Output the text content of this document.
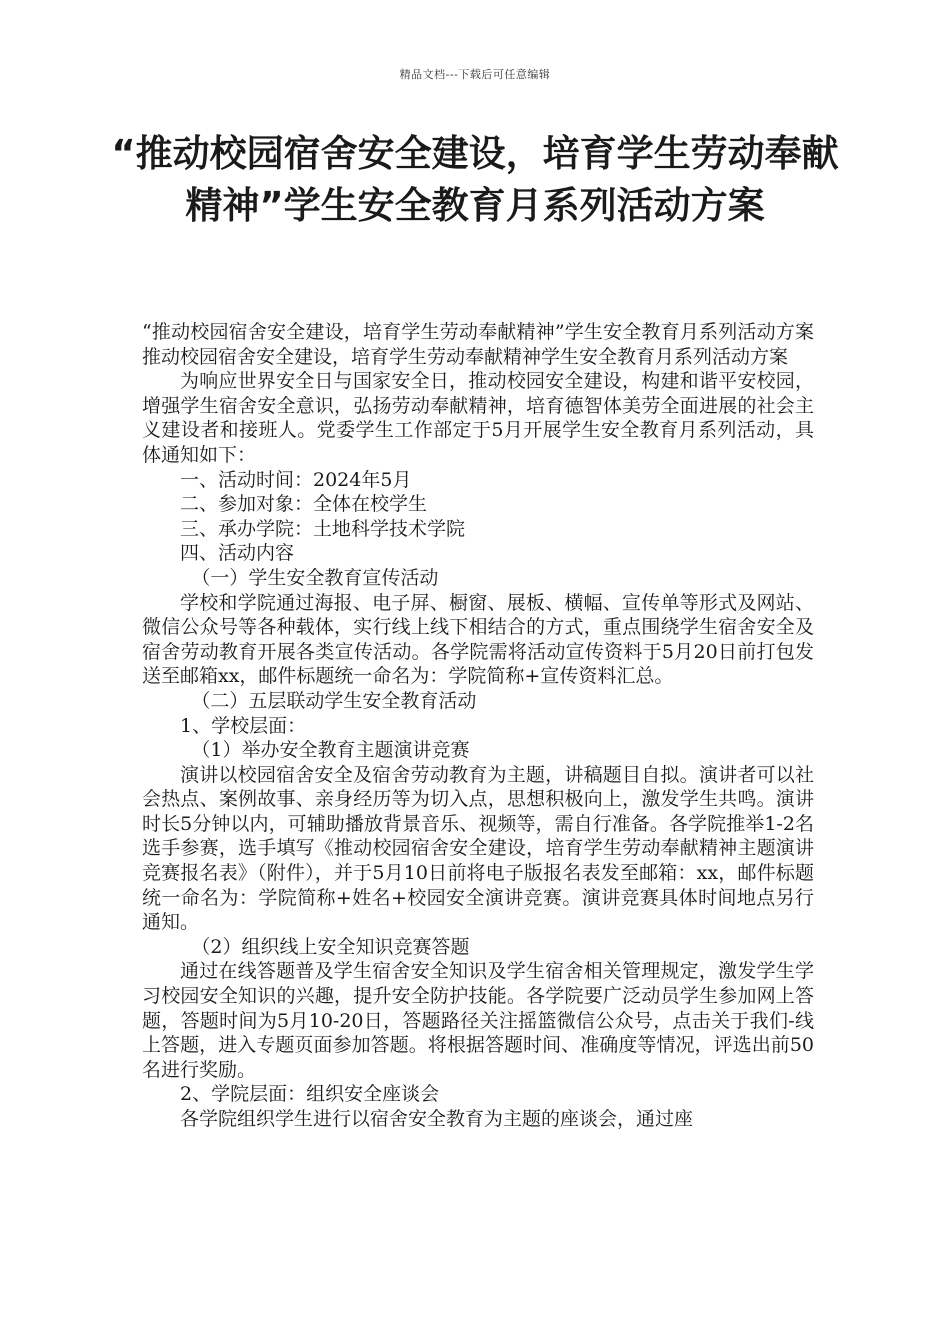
精品文档---下载后可任意编辑
“推动校园宿舍安全建设，培育学生劳动奉献精神”学生安全教育月系列活动方案

“推动校园宿舍安全建设，培育学生劳动奉献精神”学生安全教育月系列活动方案推动校园宿舍安全建设，培育学生劳动奉献精神学生安全教育月系列活动方案

为响应世界安全日与国家安全日，推动校园安全建设，构建和谐平安校园，增强学生宿舍安全意识，弘扬劳动奉献精神，培育德智体美劳全面进展的社会主义建设者和接班人。党委学生工作部定于5月开展学生安全教育月系列活动，具体通知如下：

一、活动时间：2024年5月

二、参加对象：全体在校学生

三、承办学院：土地科学技术学院

四、活动内容

（一）学生安全教育宣传活动

学校和学院通过海报、电子屏、橱窗、展板、横幅、宣传单等形式及网站、微信公众号等各种载体，实行线上线下相结合的方式，重点围绕学生宿舍安全及宿舍劳动教育开展各类宣传活动。各学院需将活动宣传资料于5月20日前打包发送至邮箱xx，邮件标题统一命名为：学院简称+宣传资料汇总。

（二）五层联动学生安全教育活动

1、学校层面：

（1）举办安全教育主题演讲竞赛

演讲以校园宿舍安全及宿舍劳动教育为主题，讲稿题目自拟。演讲者可以社会热点、案例故事、亲身经历等为切入点，思想积极向上，激发学生共鸣。演讲时长5分钟以内，可辅助播放背景音乐、视频等，需自行准备。各学院推举1-2名选手参赛，选手填写《推动校园宿舍安全建设，培育学生劳动奉献精神主题演讲竞赛报名表》（附件），并于5月10日前将电子版报名表发至邮箱：xx，邮件标题统一命名为：学院简称+姓名+校园安全演讲竞赛。演讲竞赛具体时间地点另行通知。

（2）组织线上安全知识竞赛答题

通过在线答题普及学生宿舍安全知识及学生宿舍相关管理规定，激发学生学习校园安全知识的兴趣，提升安全防护技能。各学院要广泛动员学生参加网上答题，答题时间为5月10-20日，答题路径关注摇篮微信公众号，点击关于我们-线上答题，进入专题页面参加答题。将根据答题时间、准确度等情况，评选出前50名进行奖励。

2、学院层面：组织安全座谈会

各学院组织学生进行以宿舍安全教育为主题的座谈会，通过座
